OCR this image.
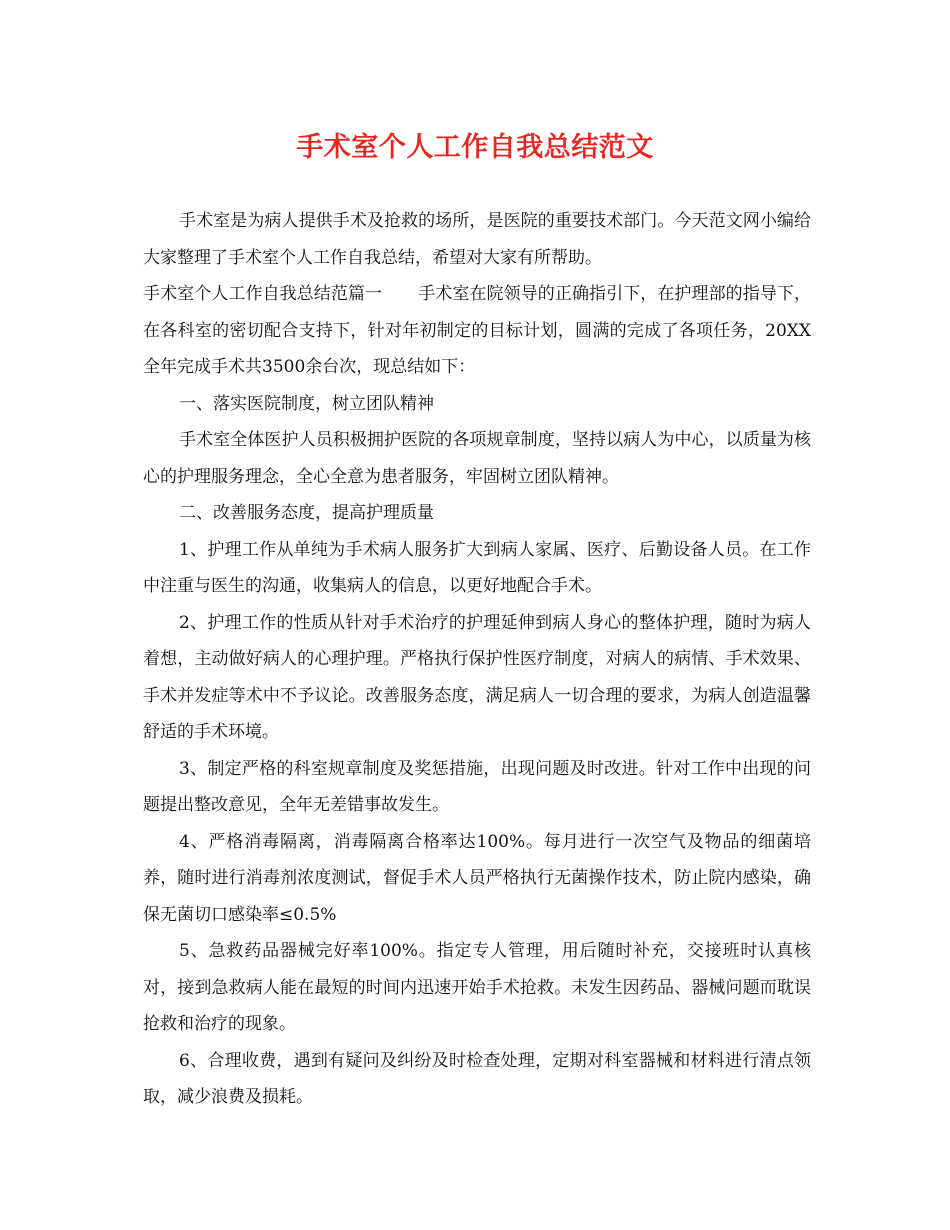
手术室个人工作自我总结范文

手术室是为病人提供手术及抢救的场所，是医院的重要技术部门。今天范文网小编给大家整理了手术室个人工作自我总结，希望对大家有所帮助。

手术室个人工作自我总结范篇一 手术室在院领导的正确指引下，在护理部的指导下，在各科室的密切配合支持下，针对年初制定的目标计划，圆满的完成了各项任务，20XX全年完成手术共3500余台次，现总结如下：

一、落实医院制度，树立团队精神

手术室全体医护人员积极拥护医院的各项规章制度，坚持以病人为中心，以质量为核心的护理服务理念，全心全意为患者服务，牢固树立团队精神。

二、改善服务态度，提高护理质量

1、护理工作从单纯为手术病人服务扩大到病人家属、医疗、后勤设备人员。在工作中注重与医生的沟通，收集病人的信息，以更好地配合手术。

2、护理工作的性质从针对手术治疗的护理延伸到病人身心的整体护理，随时为病人着想，主动做好病人的心理护理。严格执行保护性医疗制度，对病人的病情、手术效果、手术并发症等术中不予议论。改善服务态度，满足病人一切合理的要求，为病人创造温馨舒适的手术环境。

3、制定严格的科室规章制度及奖惩措施，出现问题及时改进。针对工作中出现的问题提出整改意见，全年无差错事故发生。

4、严格消毒隔离，消毒隔离合格率达100%。每月进行一次空气及物品的细菌培养，随时进行消毒剂浓度测试，督促手术人员严格执行无菌操作技术，防止院内感染，确保无菌切口感染率≤0.5%

5、急救药品器械完好率100%。指定专人管理，用后随时补充，交接班时认真核对，接到急救病人能在最短的时间内迅速开始手术抢救。未发生因药品、器械问题而耽误抢救和治疗的现象。

6、合理收费，遇到有疑问及纠纷及时检查处理，定期对科室器械和材料进行清点领取，减少浪费及损耗。
